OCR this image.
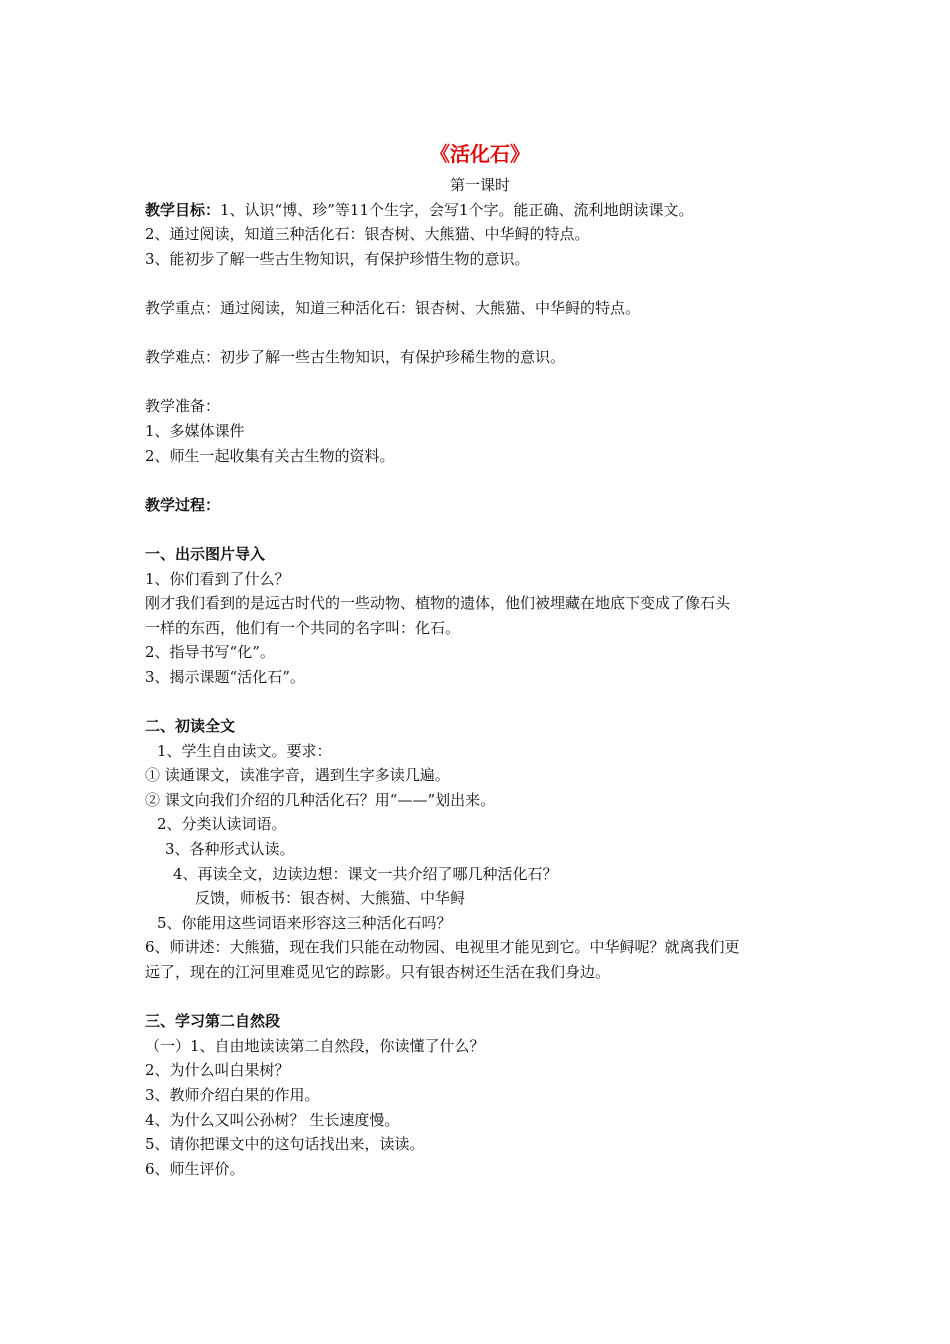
《活化石》
第一课时
教学目标：1、认识“博、珍”等11个生字，会写1个字。能正确、流利地朗读课文。
2、通过阅读，知道三种活化石：银杏树、大熊猫、中华鲟的特点。
3、能初步了解一些古生物知识，有保护珍惜生物的意识。
教学重点：通过阅读，知道三种活化石：银杏树、大熊猫、中华鲟的特点。
教学难点：初步了解一些古生物知识，有保护珍稀生物的意识。
教学准备：
1、多媒体课件
2、师生一起收集有关古生物的资料。
教学过程：
一、出示图片导入
1、你们看到了什么？
刚才我们看到的是远古时代的一些动物、植物的遗体，他们被埋藏在地底下变成了像石头
一样的东西，他们有一个共同的名字叫：化石。
2、指导书写“化”。
3、揭示课题“活化石”。
二、初读全文
1、学生自由读文。要求：
① 读通课文，读准字音，遇到生字多读几遍。
② 课文向我们介绍的几种活化石？用“——”划出来。
2、分类认读词语。
3、各种形式认读。
4、再读全文，边读边想：课文一共介绍了哪几种活化石？
反馈，师板书：银杏树、大熊猫、中华鲟
5、你能用这些词语来形容这三种活化石吗？
6、师讲述：大熊猫，现在我们只能在动物园、电视里才能见到它。中华鲟呢？就离我们更
远了，现在的江河里难觅见它的踪影。只有银杏树还生活在我们身边。
三、学习第二自然段
（一）1、自由地读读第二自然段，你读懂了什么？
2、为什么叫白果树？
3、教师介绍白果的作用。
4、为什么又叫公孙树？ 生长速度慢。
5、请你把课文中的这句话找出来，读读。
6、师生评价。
